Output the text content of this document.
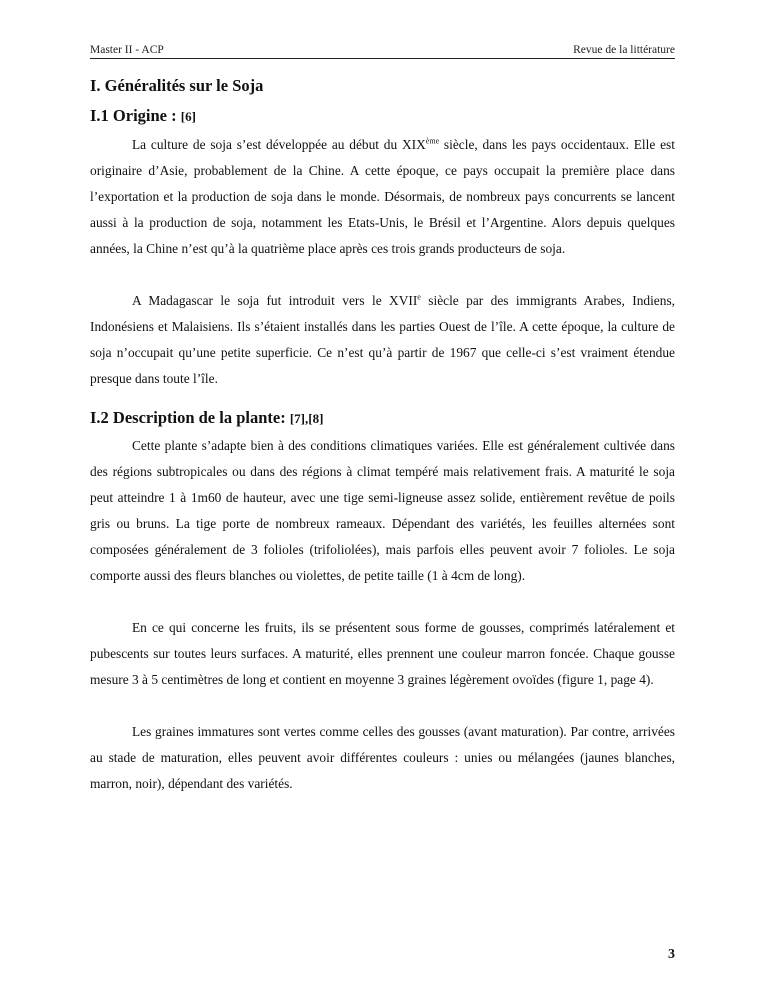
Master II - ACP	Revue de la littérature
I. Généralités sur le Soja
I.1 Origine : [6]

La culture de soja s’est développée au début du XIXème siècle, dans les pays occidentaux. Elle est originaire d’Asie, probablement de la Chine. A cette époque, ce pays occupait la première place dans l’exportation et la production de soja dans le monde. Désormais, de nombreux pays concurrents se lancent aussi à la production de soja, notamment les Etats-Unis, le Brésil et l’Argentine. Alors depuis quelques années, la Chine n’est qu’à la quatrième place après ces trois grands producteurs de soja.

A Madagascar le soja fut introduit vers le XVIIe siècle par des immigrants Arabes, Indiens, Indonésiens et Malaisiens. Ils s’étaient installés dans les parties Ouest de l’île. A cette époque, la culture de soja n’occupait qu’une petite superficie. Ce n’est qu’à partir de 1967 que celle-ci s’est vraiment étendue presque dans toute l’île.

I.2 Description de la plante: [7],[8]

Cette plante s’adapte bien à des conditions climatiques variées. Elle est généralement cultivée dans des régions subtropicales ou dans des régions à climat tempéré mais relativement frais. A maturité le soja peut atteindre 1 à 1m60 de hauteur, avec une tige semi-ligneuse assez solide, entièrement revêtue de poils gris ou bruns. La tige porte de nombreux rameaux. Dépendant des variétés, les feuilles alternées sont composées généralement de 3 folioles (trifoliolées), mais parfois elles peuvent avoir 7 folioles. Le soja comporte aussi des fleurs blanches ou violettes, de petite taille (1 à 4cm de long).

En ce qui concerne les fruits, ils se présentent sous forme de gousses, comprimés latéralement et pubescents sur toutes leurs surfaces. A maturité, elles prennent une couleur marron foncée. Chaque gousse mesure 3 à 5 centimètres de long et contient en moyenne 3 graines légèrement ovoïdes (figure 1, page 4).

Les graines immatures sont vertes comme celles des gousses (avant maturation). Par contre, arrivées au stade de maturation, elles peuvent avoir différentes couleurs : unies ou mélangées (jaunes blanches, marron, noir), dépendant des variétés.

3
